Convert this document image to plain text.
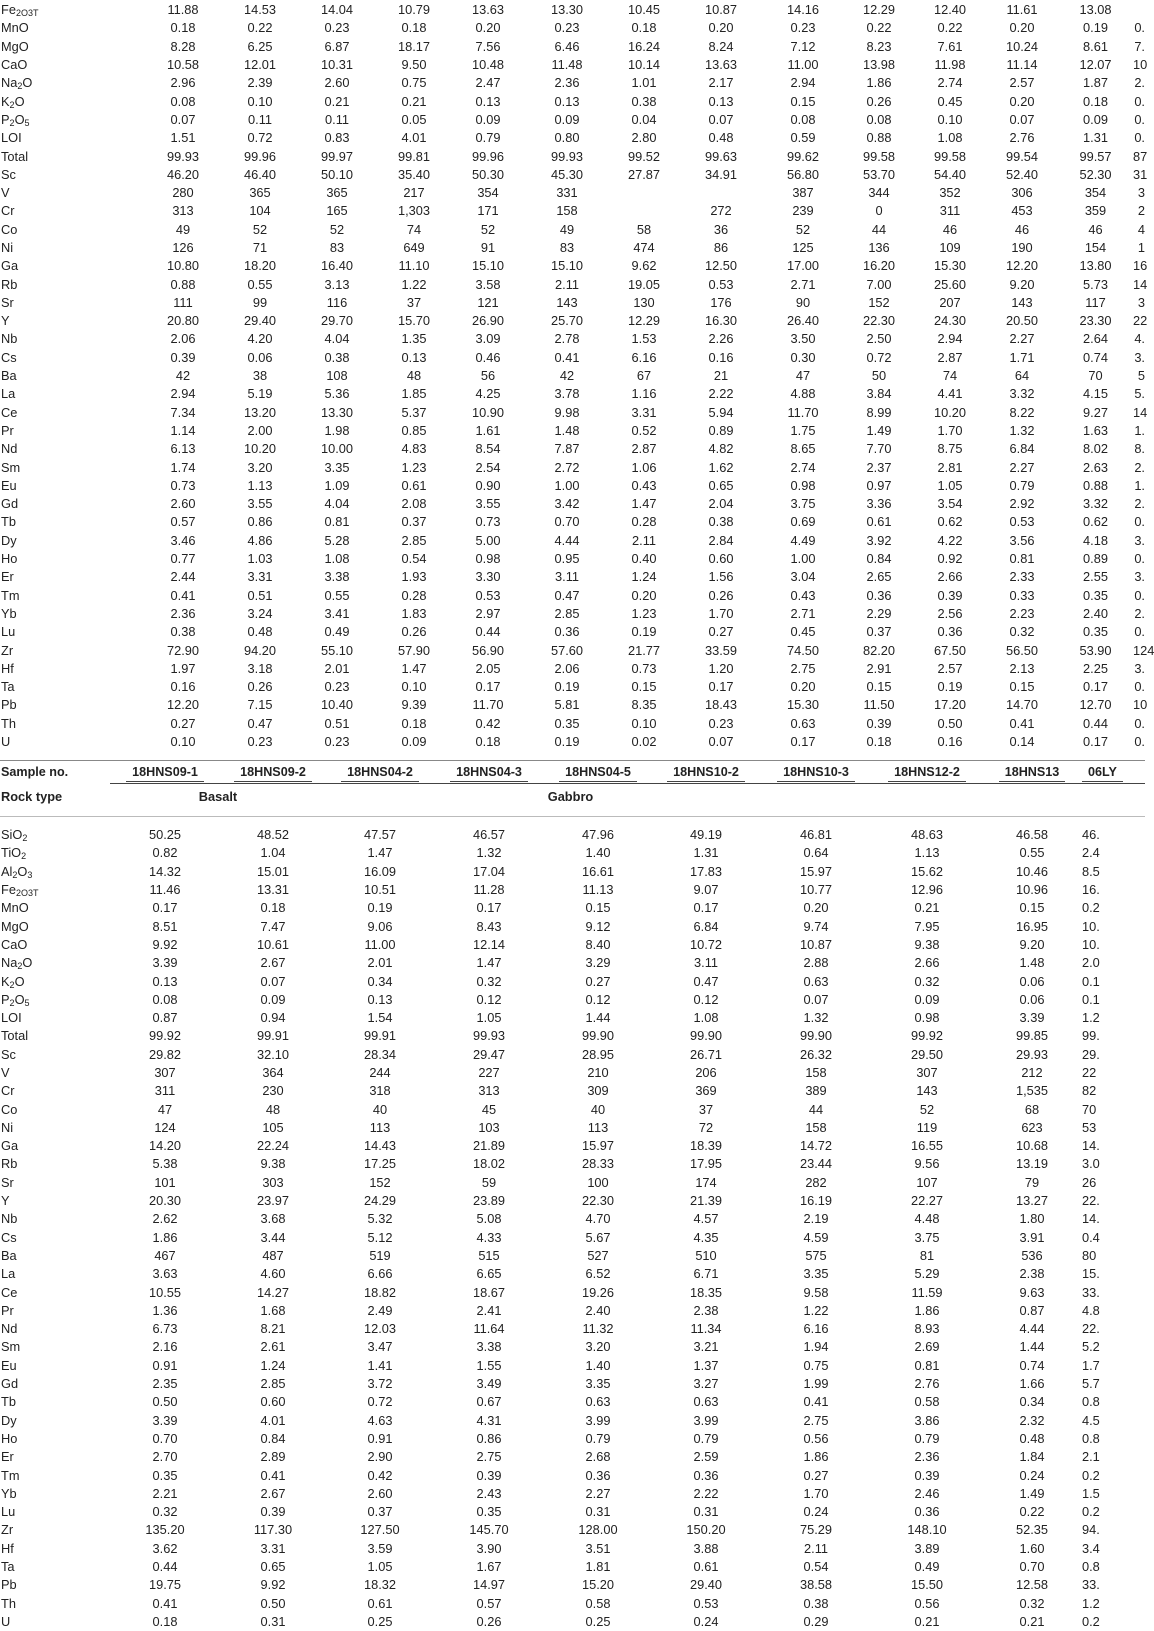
$Fe_{2O3T}$		11.88	14.53	14.04	10.79	13.63	13.30	10.45	10.87	14.16	12.29	12.40	11.61	13.08	
MnO		0.18	0.22	0.23	0.18	0.20	0.23	0.18	0.20	0.23	0.22	0.22	0.20	0.19	0.
MgO		8.28	6.25	6.87	18.17	7.56	6.46	16.24	8.24	7.12	8.23	7.61	10.24	8.61	7.
CaO		10.58	12.01	10.31	9.50	10.48	11.48	10.14	13.63	11.00	13.98	11.98	11.14	12.07	10
$Na_2O$		2.96	2.39	2.60	0.75	2.47	2.36	1.01	2.17	2.94	1.86	2.74	2.57	1.87	2.
$K_2O$		0.08	0.10	0.21	0.21	0.13	0.13	0.38	0.13	0.15	0.26	0.45	0.20	0.18	0.
$P_2O_5$		0.07	0.11	0.11	0.05	0.09	0.09	0.04	0.07	0.08	0.08	0.10	0.07	0.09	0.
LOI		1.51	0.72	0.83	4.01	0.79	0.80	2.80	0.48	0.59	0.88	1.08	2.76	1.31	0.
Total		99.93	99.96	99.97	99.81	99.96	99.93	99.52	99.63	99.62	99.58	99.58	99.54	99.57	87
Sc		46.20	46.40	50.10	35.40	50.30	45.30	27.87	34.91	56.80	53.70	54.40	52.40	52.30	31
V		280	365	365	217	354	331			387	344	352	306	354	3
Cr		313	104	165	1,303	171	158		272	239	0	311	453	359	2
Co		49	52	52	74	52	49	58	36	52	44	46	46	46	4
Ni		126	71	83	649	91	83	474	86	125	136	109	190	154	1
Ga		10.80	18.20	16.40	11.10	15.10	15.10	9.62	12.50	17.00	16.20	15.30	12.20	13.80	16
Rb		0.88	0.55	3.13	1.22	3.58	2.11	19.05	0.53	2.71	7.00	25.60	9.20	5.73	14
Sr		111	99	116	37	121	143	130	176	90	152	207	143	117	3
Y		20.80	29.40	29.70	15.70	26.90	25.70	12.29	16.30	26.40	22.30	24.30	20.50	23.30	22
Nb		2.06	4.20	4.04	1.35	3.09	2.78	1.53	2.26	3.50	2.50	2.94	2.27	2.64	4.
Cs		0.39	0.06	0.38	0.13	0.46	0.41	6.16	0.16	0.30	0.72	2.87	1.71	0.74	3.
Ba		42	38	108	48	56	42	67	21	47	50	74	64	70	5
La		2.94	5.19	5.36	1.85	4.25	3.78	1.16	2.22	4.88	3.84	4.41	3.32	4.15	5.
Ce		7.34	13.20	13.30	5.37	10.90	9.98	3.31	5.94	11.70	8.99	10.20	8.22	9.27	14
Pr		1.14	2.00	1.98	0.85	1.61	1.48	0.52	0.89	1.75	1.49	1.70	1.32	1.63	1.
Nd		6.13	10.20	10.00	4.83	8.54	7.87	2.87	4.82	8.65	7.70	8.75	6.84	8.02	8.
Sm		1.74	3.20	3.35	1.23	2.54	2.72	1.06	1.62	2.74	2.37	2.81	2.27	2.63	2.
Eu		0.73	1.13	1.09	0.61	0.90	1.00	0.43	0.65	0.98	0.97	1.05	0.79	0.88	1.
Gd		2.60	3.55	4.04	2.08	3.55	3.42	1.47	2.04	3.75	3.36	3.54	2.92	3.32	2.
Tb		0.57	0.86	0.81	0.37	0.73	0.70	0.28	0.38	0.69	0.61	0.62	0.53	0.62	0.
Dy		3.46	4.86	5.28	2.85	5.00	4.44	2.11	2.84	4.49	3.92	4.22	3.56	4.18	3.
Ho		0.77	1.03	1.08	0.54	0.98	0.95	0.40	0.60	1.00	0.84	0.92	0.81	0.89	0.
Er		2.44	3.31	3.38	1.93	3.30	3.11	1.24	1.56	3.04	2.65	2.66	2.33	2.55	3.
Tm		0.41	0.51	0.55	0.28	0.53	0.47	0.20	0.26	0.43	0.36	0.39	0.33	0.35	0.
Yb		2.36	3.24	3.41	1.83	2.97	2.85	1.23	1.70	2.71	2.29	2.56	2.23	2.40	2.
Lu		0.38	0.48	0.49	0.26	0.44	0.36	0.19	0.27	0.45	0.37	0.36	0.32	0.35	0.
Zr		72.90	94.20	55.10	57.90	56.90	57.60	21.77	33.59	74.50	82.20	67.50	56.50	53.90	124
Hf		1.97	3.18	2.01	1.47	2.05	2.06	0.73	1.20	2.75	2.91	2.57	2.13	2.25	3.
Ta		0.16	0.26	0.23	0.10	0.17	0.19	0.15	0.17	0.20	0.15	0.19	0.15	0.17	0.
Pb		12.20	7.15	10.40	9.39	11.70	5.81	8.35	18.43	15.30	11.50	17.20	14.70	12.70	10
Th		0.27	0.47	0.51	0.18	0.42	0.35	0.10	0.23	0.63	0.39	0.50	0.41	0.44	0.
U		0.10	0.23	0.23	0.09	0.18	0.19	0.02	0.07	0.17	0.18	0.16	0.14	0.17	0.
Sample no.	18HNS09-1	18HNS09-2	18HNS04-2	18HNS04-3	18HNS04-5	18HNS10-2	18HNS10-3	18HNS12-2	18HNS13	06LY
Rock type	Basalt		Gabbro							
SiO$_2$	50.25	48.52	47.57	46.57	47.96	49.19	46.81	48.63	46.58	46.
TiO$_2$	0.82	1.04	1.47	1.32	1.40	1.31	0.64	1.13	0.55	2.4
$Al_2O_3$	14.32	15.01	16.09	17.04	16.61	17.83	15.97	15.62	10.46	8.5
$Fe_{2O3T}$	11.46	13.31	10.51	11.28	11.13	9.07	10.77	12.96	10.96	16.
MnO	0.17	0.18	0.19	0.17	0.15	0.17	0.20	0.21	0.15	0.2
MgO	8.51	7.47	9.06	8.43	9.12	6.84	9.74	7.95	16.95	10.
CaO	9.92	10.61	11.00	12.14	8.40	10.72	10.87	9.38	9.20	10.
$Na_2O$	3.39	2.67	2.01	1.47	3.29	3.11	2.88	2.66	1.48	2.0
$K_2O$	0.13	0.07	0.34	0.32	0.27	0.47	0.63	0.32	0.06	0.1
$P_2O_5$	0.08	0.09	0.13	0.12	0.12	0.12	0.07	0.09	0.06	0.1
LOI	0.87	0.94	1.54	1.05	1.44	1.08	1.32	0.98	3.39	1.2
Total	99.92	99.91	99.91	99.93	99.90	99.90	99.90	99.92	99.85	99.
Sc	29.82	32.10	28.34	29.47	28.95	26.71	26.32	29.50	29.93	29.
V	307	364	244	227	210	206	158	307	212	22
Cr	311	230	318	313	309	369	389	143	1,535	82
Co	47	48	40	45	40	37	44	52	68	70
Ni	124	105	113	103	113	72	158	119	623	53
Ga	14.20	22.24	14.43	21.89	15.97	18.39	14.72	16.55	10.68	14.
Rb	5.38	9.38	17.25	18.02	28.33	17.95	23.44	9.56	13.19	3.0
Sr	101	303	152	59	100	174	282	107	79	26
Y	20.30	23.97	24.29	23.89	22.30	21.39	16.19	22.27	13.27	22.
Nb	2.62	3.68	5.32	5.08	4.70	4.57	2.19	4.48	1.80	14.
Cs	1.86	3.44	5.12	4.33	5.67	4.35	4.59	3.75	3.91	0.4
Ba	467	487	519	515	527	510	575	81	536	80
La	3.63	4.60	6.66	6.65	6.52	6.71	3.35	5.29	2.38	15.
Ce	10.55	14.27	18.82	18.67	19.26	18.35	9.58	11.59	9.63	33.
Pr	1.36	1.68	2.49	2.41	2.40	2.38	1.22	1.86	0.87	4.8
Nd	6.73	8.21	12.03	11.64	11.32	11.34	6.16	8.93	4.44	22.
Sm	2.16	2.61	3.47	3.38	3.20	3.21	1.94	2.69	1.44	5.2
Eu	0.91	1.24	1.41	1.55	1.40	1.37	0.75	0.81	0.74	1.7
Gd	2.35	2.85	3.72	3.49	3.35	3.27	1.99	2.76	1.66	5.7
Tb	0.50	0.60	0.72	0.67	0.63	0.63	0.41	0.58	0.34	0.8
Dy	3.39	4.01	4.63	4.31	3.99	3.99	2.75	3.86	2.32	4.5
Ho	0.70	0.84	0.91	0.86	0.79	0.79	0.56	0.79	0.48	0.8
Er	2.70	2.89	2.90	2.75	2.68	2.59	1.86	2.36	1.84	2.1
Tm	0.35	0.41	0.42	0.39	0.36	0.36	0.27	0.39	0.24	0.2
Yb	2.21	2.67	2.60	2.43	2.27	2.22	1.70	2.46	1.49	1.5
Lu	0.32	0.39	0.37	0.35	0.31	0.31	0.24	0.36	0.22	0.2
Zr	135.20	117.30	127.50	145.70	128.00	150.20	75.29	148.10	52.35	94.
Hf	3.62	3.31	3.59	3.90	3.51	3.88	2.11	3.89	1.60	3.4
Ta	0.44	0.65	1.05	1.67	1.81	0.61	0.54	0.49	0.70	0.8
Pb	19.75	9.92	18.32	14.97	15.20	29.40	38.58	15.50	12.58	33.
Th	0.41	0.50	0.61	0.57	0.58	0.53	0.38	0.56	0.32	1.2
U	0.18	0.31	0.25	0.26	0.25	0.24	0.29	0.21	0.21	0.2
